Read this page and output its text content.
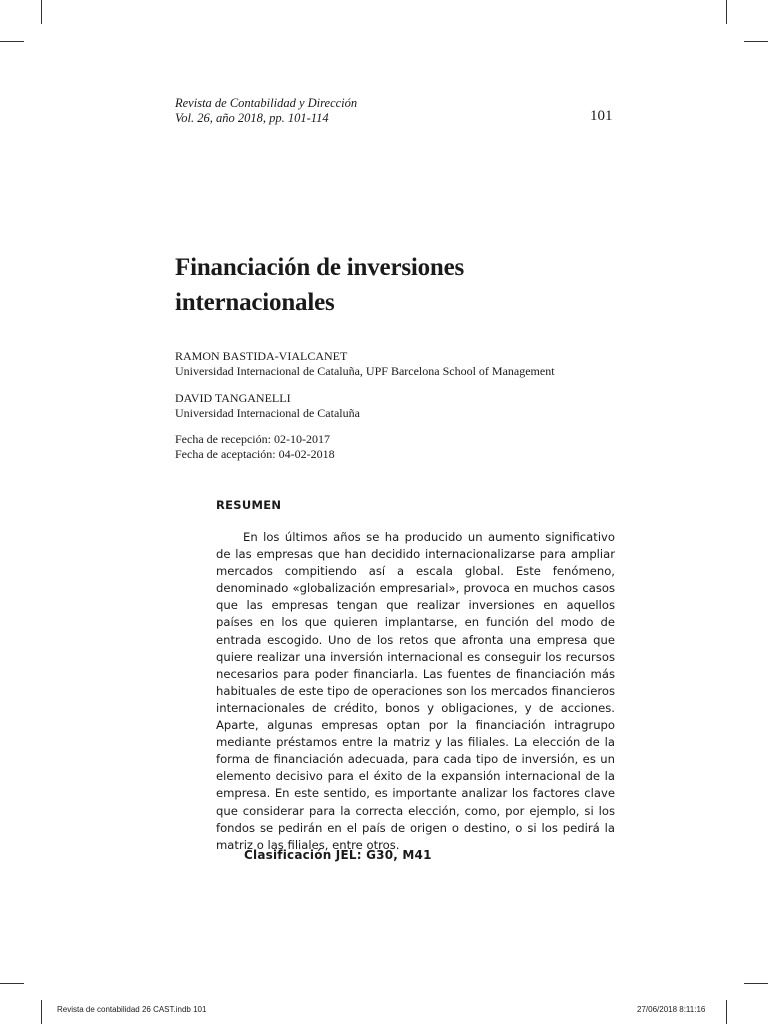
Revista de Contabilidad y Dirección
Vol. 26, año 2018, pp. 101-114	101
Financiación de inversiones internacionales
RAMON BASTIDA-VIALCANET
Universidad Internacional de Cataluña, UPF Barcelona School of Management
DAVID TANGANELLI
Universidad Internacional de Cataluña
Fecha de recepción: 02-10-2017
Fecha de aceptación: 04-02-2018
RESUMEN

En los últimos años se ha producido un aumento significativo de las empresas que han decidido internacionalizarse para ampliar mercados compitiendo así a escala global. Este fenómeno, denominado «globalización empresarial», provoca en muchos casos que las empresas tengan que realizar inversiones en aquellos países en los que quieren implantarse, en función del modo de entrada escogido. Uno de los retos que afronta una empresa que quiere realizar una inversión internacional es conseguir los recursos necesarios para poder financiarla. Las fuentes de financiación más habituales de este tipo de operaciones son los mercados financieros internacionales de crédito, bonos y obligaciones, y de acciones. Aparte, algunas empresas optan por la financiación intragrupo mediante préstamos entre la matriz y las filiales. La elección de la forma de financiación adecuada, para cada tipo de inversión, es un elemento decisivo para el éxito de la expansión internacional de la empresa. En este sentido, es importante analizar los factores clave que considerar para la correcta elección, como, por ejemplo, si los fondos se pedirán en el país de origen o destino, o si los pedirá la matriz o las filiales, entre otros.

Clasificación JEL: G30, M41
Revista de contabilidad 26 CAST.indb 101	27/06/2018 8:11:16
